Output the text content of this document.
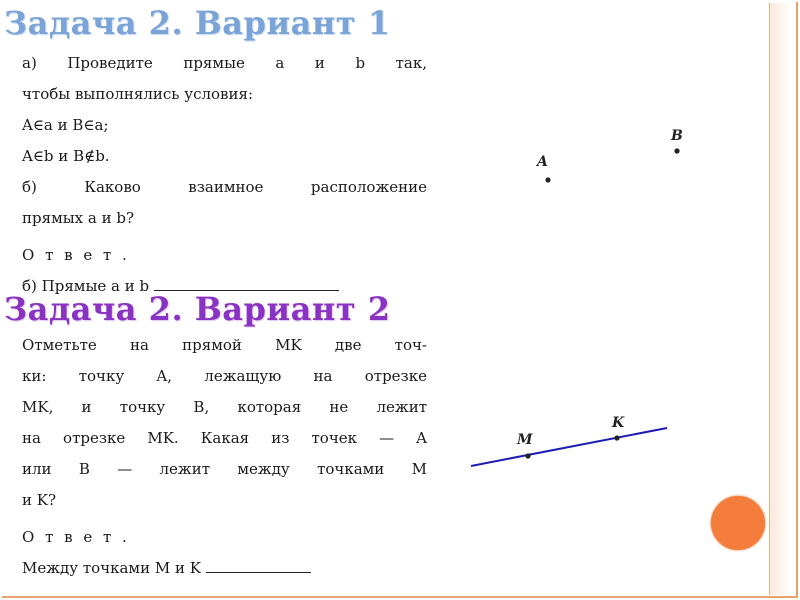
Задача 2. Вариант 1
а) Проведите прямые a и b так,
чтобы выполнялись условия:
A∈a и B∈a;
A∈b и B∉b.
б) Каково взаимное расположение
прямых a и b?
О т в е т .
б) Прямые a и b
Задача 2. Вариант 2
Отметьте на прямой MK две точ-
ки: точку A, лежащую на отрезке
MK, и точку B, которая не лежит
на отрезке MK. Какая из точек — A
или B — лежит между точками M
и K?
О т в е т .
Между точками M и K
A
B
M
K
